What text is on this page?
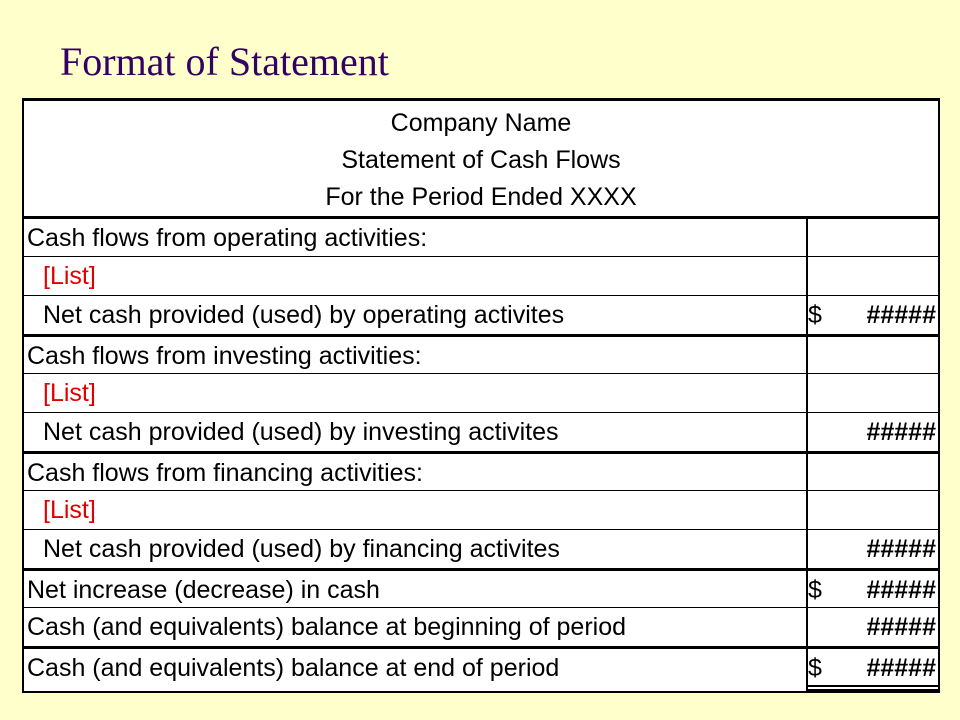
Format of Statement
Company Name
Statement of Cash Flows
For the Period Ended XXXX
Cash flows from operating activities:
[List]
Net cash provided (used) by operating activites	$ #####
Cash flows from investing activities:
[List]
Net cash provided (used) by investing activites	#####
Cash flows from financing activities:
[List]
Net cash provided (used) by financing activites	#####
Net increase (decrease) in cash	$ #####
Cash (and equivalents) balance at beginning of period	#####
Cash (and equivalents) balance at end of period	$ #####
